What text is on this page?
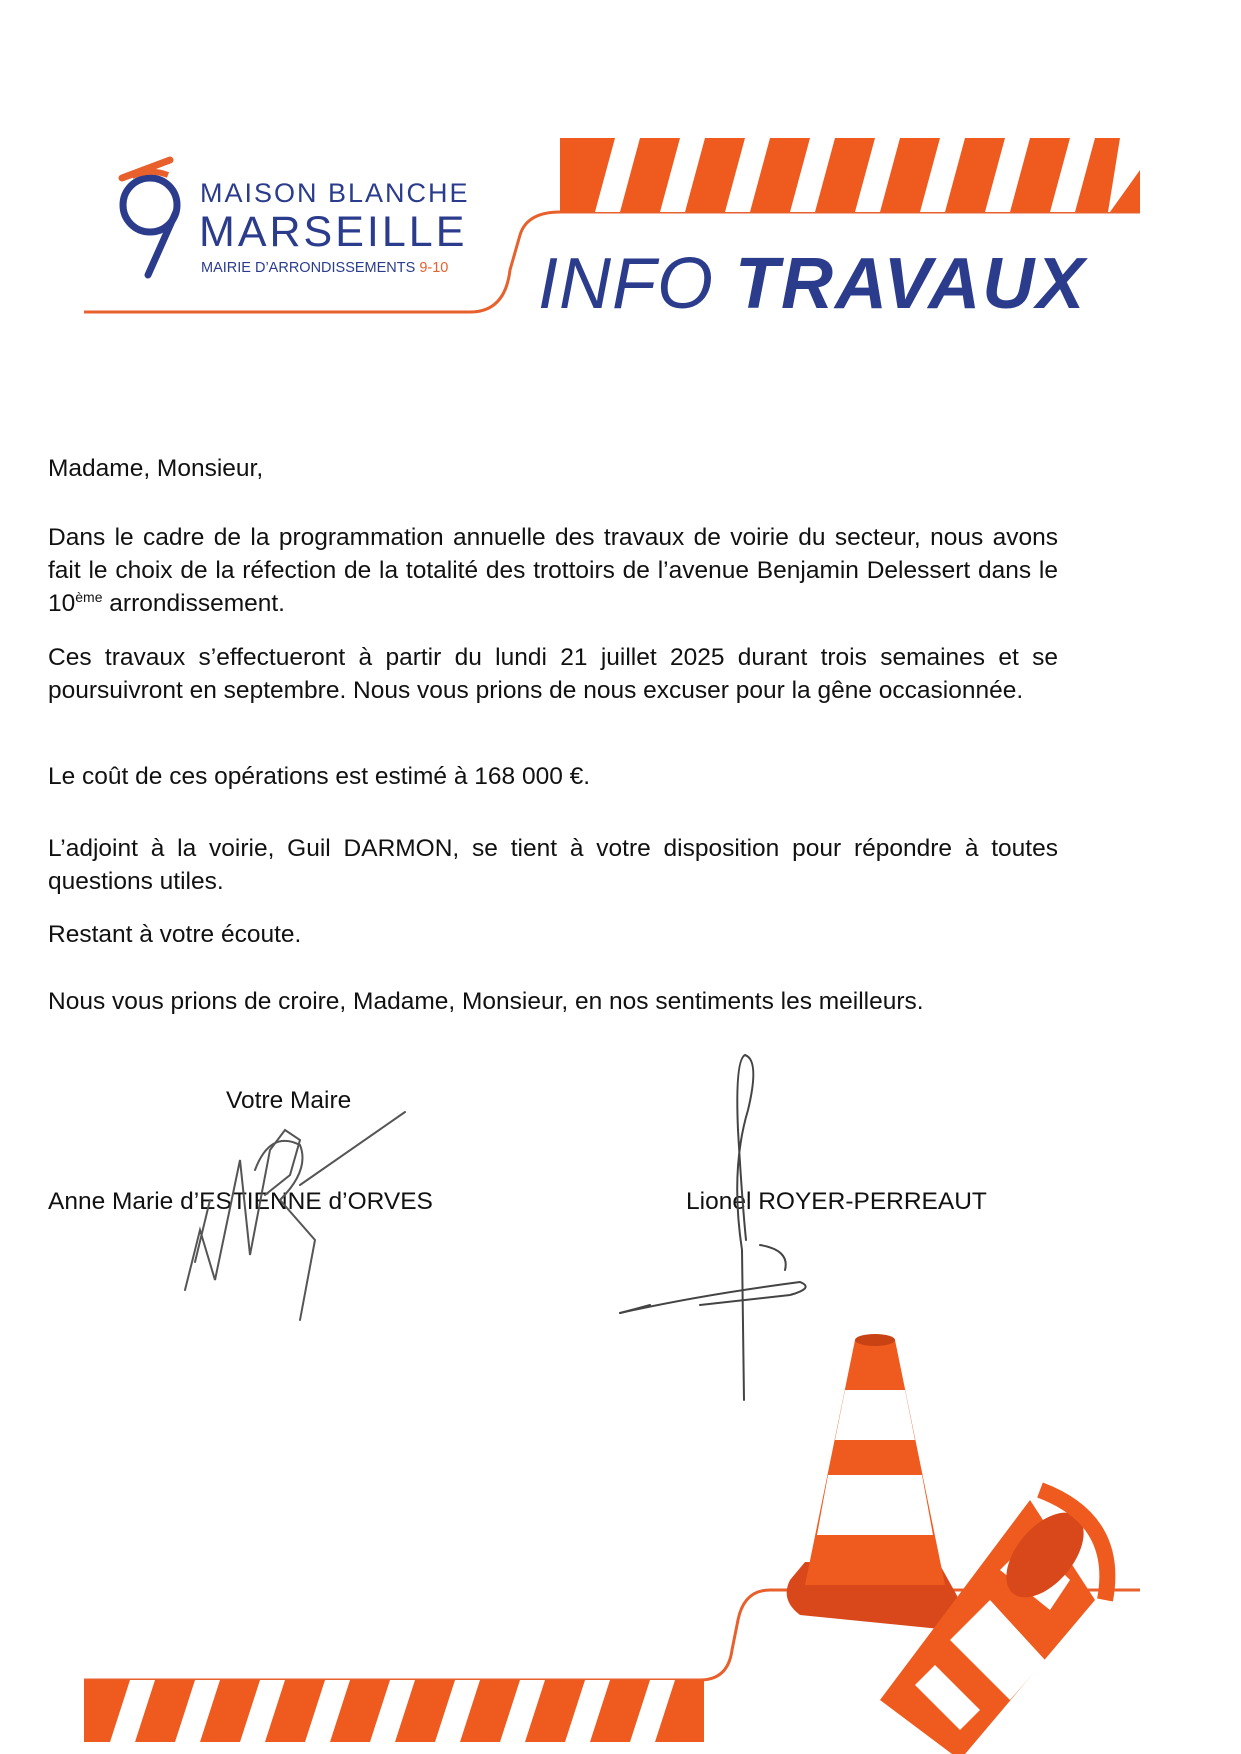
MAISON BLANCHE
MARSEILLE
MAIRIE D’ARRONDISSEMENTS 9-10 INFO TRAVAUX
Madame, Monsieur,
Dans le cadre de la programmation annuelle des travaux de voirie du secteur, nous avons fait le choix de la réfection de la totalité des trottoirs de l’avenue Benjamin Delessert dans le 10ème arrondissement.
Ces travaux s’effectueront à partir du lundi 21 juillet 2025 durant trois semaines et se poursuivront en septembre. Nous vous prions de nous excuser pour la gêne occasionnée.
Le coût de ces opérations est estimé à 168 000 €.
L’adjoint à la voirie, Guil DARMON, se tient à votre disposition pour répondre à toutes questions utiles.
Restant à votre écoute.
Nous vous prions de croire, Madame, Monsieur, en nos sentiments les meilleurs.
Votre Maire
Anne Marie d’ESTIENNE d’ORVES	Lionel ROYER-PERREAUT
